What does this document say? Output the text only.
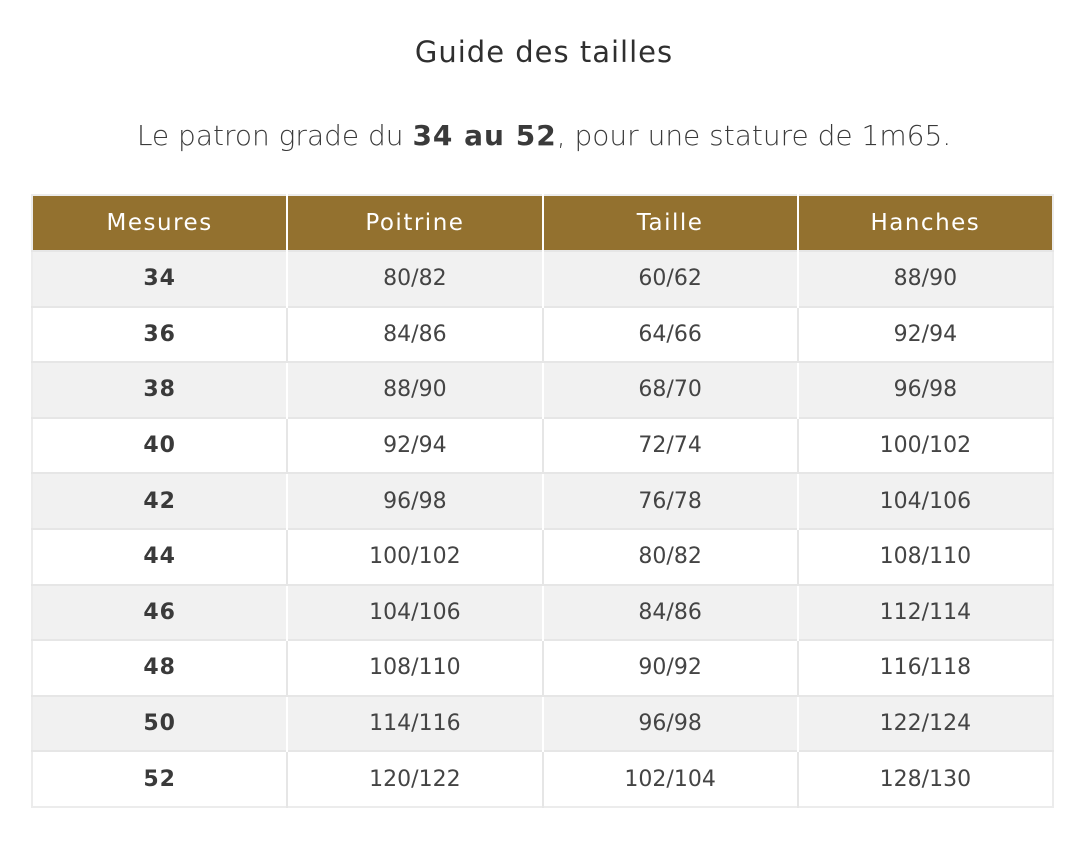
Guide des tailles
Le patron grade du 34 au 52, pour une stature de 1m65.
Mesures	Poitrine	Taille	Hanches
34	80/82	60/62	88/90
36	84/86	64/66	92/94
38	88/90	68/70	96/98
40	92/94	72/74	100/102
42	96/98	76/78	104/106
44	100/102	80/82	108/110
46	104/106	84/86	112/114
48	108/110	90/92	116/118
50	114/116	96/98	122/124
52	120/122	102/104	128/130
